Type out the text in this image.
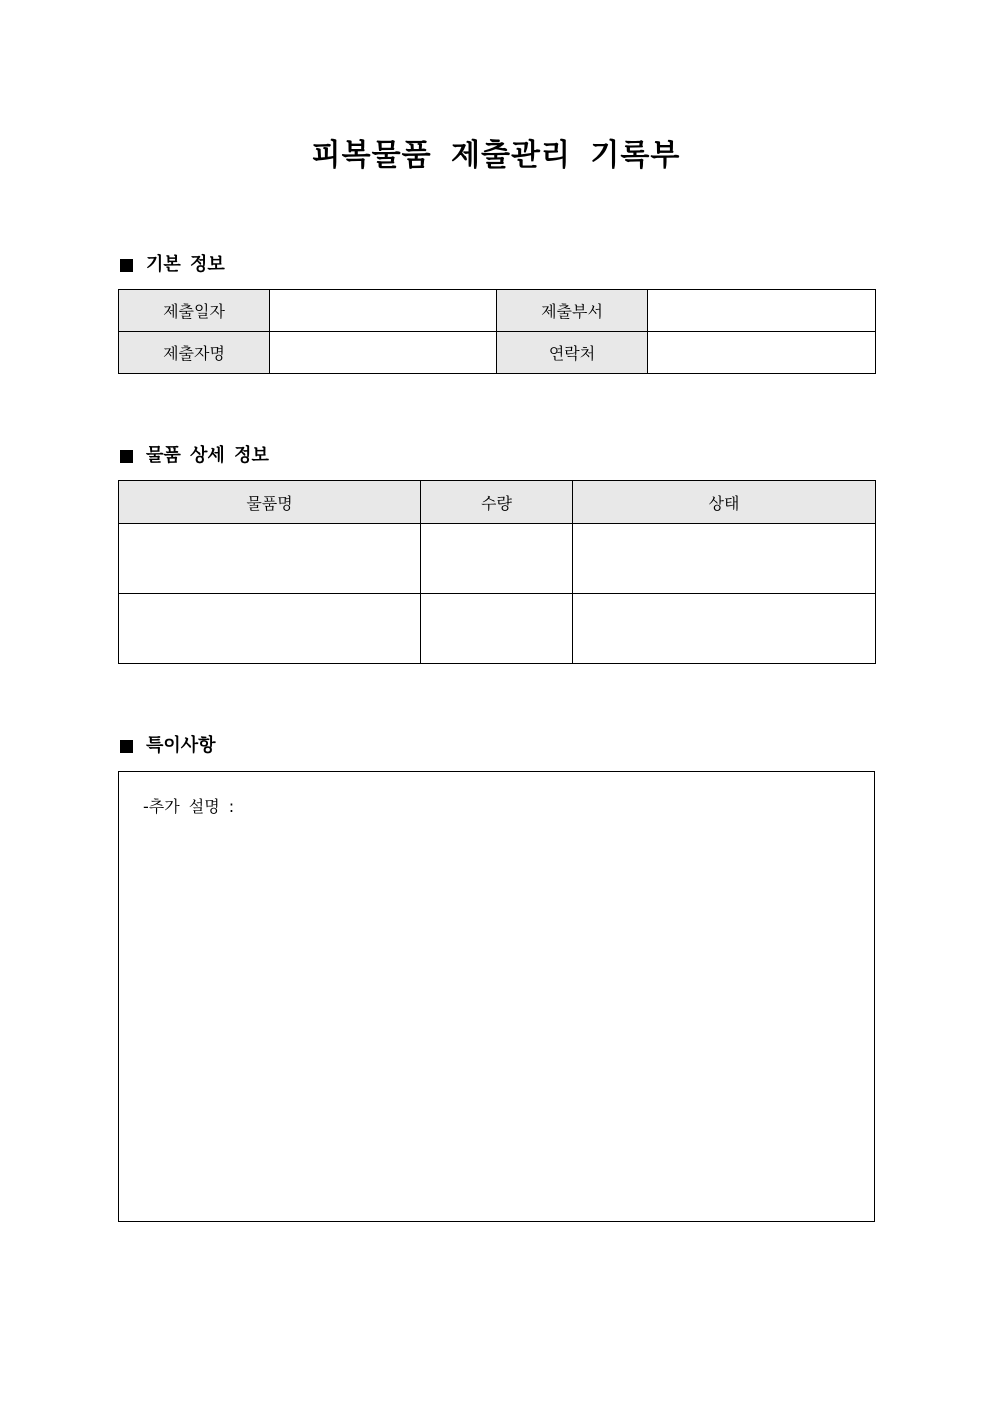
피복물품 제출관리 기록부
기본 정보
제출일자		제출부서	
제출자명		연락처	
물품 상세 정보
물품명	수량	상태

특이사항
-추가 설명 :
